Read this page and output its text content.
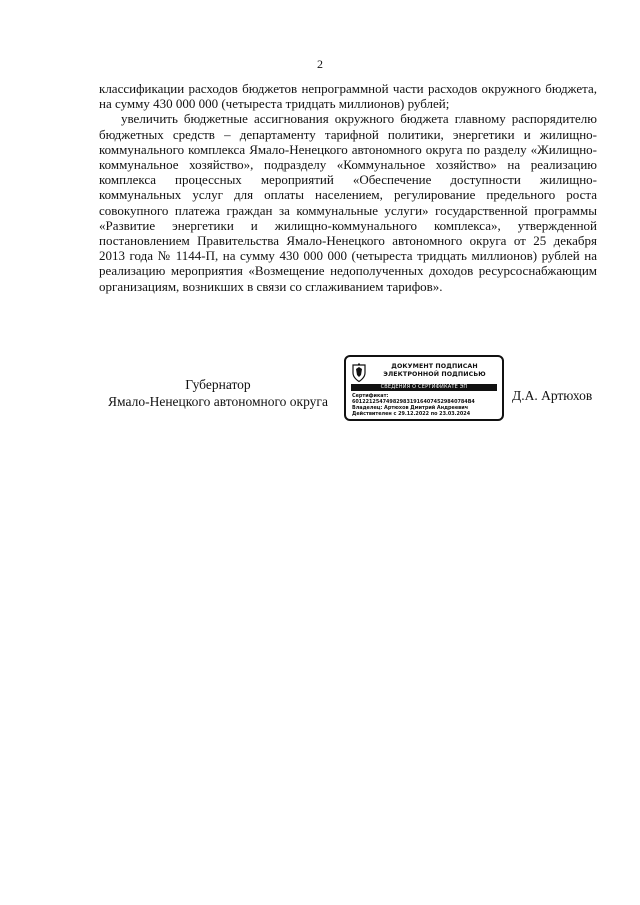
2

классификации расходов бюджетов непрограммной части расходов окружного бюджета, на сумму 430 000 000 (четыреста тридцать миллионов) рублей;

увеличить бюджетные ассигнования окружного бюджета главному распорядителю бюджетных средств – департаменту тарифной политики, энергетики и жилищно-коммунального комплекса Ямало-Ненецкого автономного округа по разделу «Жилищно-коммунальное хозяйство», подразделу «Коммунальное хозяйство» на реализацию комплекса процессных мероприятий «Обеспечение доступности жилищно-коммунальных услуг для оплаты населением, регулирование предельного роста совокупного платежа граждан за коммунальные услуги» государственной программы «Развитие энергетики и жилищно-коммунального комплекса», утвержденной постановлением Правительства Ямало-Ненецкого автономного округа от 25 декабря 2013 года № 1144-П, на сумму 430 000 000 (четыреста тридцать миллионов) рублей на реализацию мероприятия «Возмещение недополученных доходов ресурсоснабжающим организациям, возникших в связи со сглаживанием тарифов».

Губернатор
Ямало-Ненецкого автономного округа
ДОКУМЕНТ ПОДПИСАН
ЭЛЕКТРОННОЙ ПОДПИСЬЮ
СВЕДЕНИЯ О СЕРТИФИКАТЕ ЭП
Сертификат:
6012212547498298319164074529840784B4
Владелец: Артюхов Дмитрий Андреевич
Действителен с 29.12.2022 по 23.03.2024
Д.А. Артюхов
